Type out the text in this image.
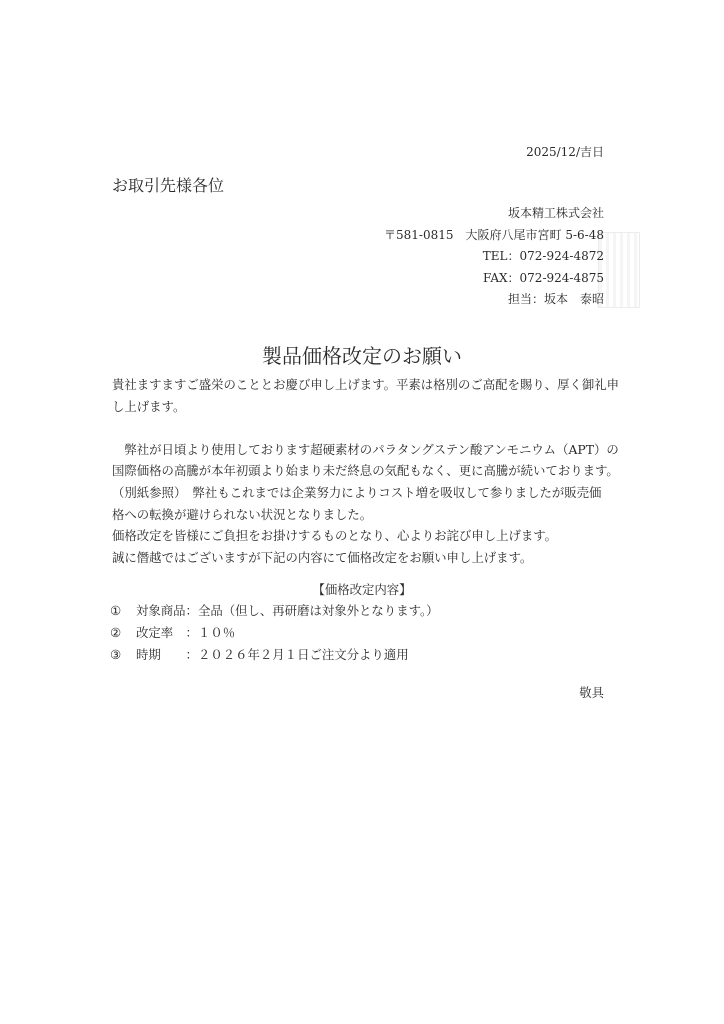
2025/12/吉日
お取引先様各位
坂本精工株式会社
〒581-0815　大阪府八尾市宮町 5-6-48
TEL：072-924-4872
FAX：072-924-4875
担当：坂本　泰昭
製品価格改定のお願い
貴社ますますご盛栄のこととお慶び申し上げます。平素は格別のご高配を賜り、厚く御礼申
し上げます。
　弊社が日頃より使用しております超硬素材のパラタングステン酸アンモニウム（APT）の
国際価格の高騰が本年初頭より始まり未だ終息の気配もなく、更に高騰が続いております。
（別紙参照）　弊社もこれまでは企業努力によりコスト増を吸収して参りましたが販売価
格への転換が避けられない状況となりました。
価格改定を皆様にご負担をお掛けするものとなり、心よりお詫び申し上げます。
誠に僭越ではございますが下記の内容にて価格改定をお願い申し上げます。
【価格改定内容】
①	対象商品：全品（但し、再研磨は対象外となります。）
②	改定率　：１０％
③	時期　　：２０２６年２月１日ご注文分より適用
敬具
